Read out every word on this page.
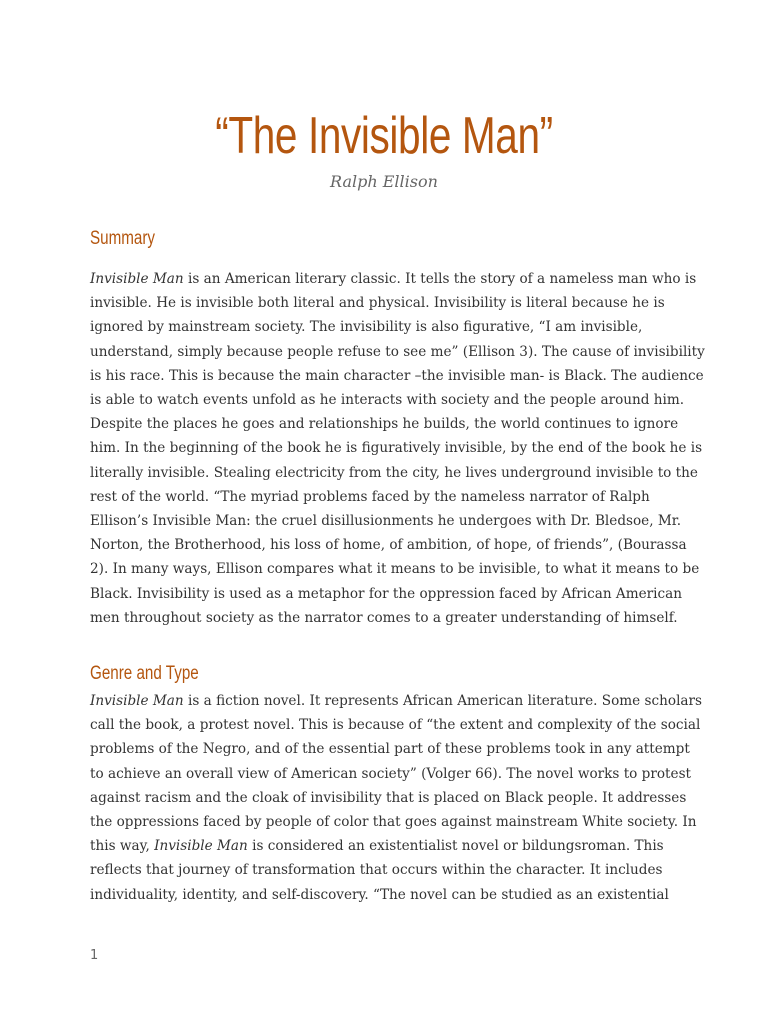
“The Invisible Man”

Ralph Ellison

Summary
Invisible Man is an American literary classic. It tells the story of a nameless man who is
invisible. He is invisible both literal and physical. Invisibility is literal because he is
ignored by mainstream society. The invisibility is also figurative, “I am invisible,
understand, simply because people refuse to see me” (Ellison 3). The cause of invisibility
is his race. This is because the main character –the invisible man- is Black. The audience
is able to watch events unfold as he interacts with society and the people around him.
Despite the places he goes and relationships he builds, the world continues to ignore
him. In the beginning of the book he is figuratively invisible, by the end of the book he is
literally invisible. Stealing electricity from the city, he lives underground invisible to the
rest of the world. “The myriad problems faced by the nameless narrator of Ralph
Ellison’s Invisible Man: the cruel disillusionments he undergoes with Dr. Bledsoe, Mr.
Norton, the Brotherhood, his loss of home, of ambition, of hope, of friends”, (Bourassa
2). In many ways, Ellison compares what it means to be invisible, to what it means to be
Black. Invisibility is used as a metaphor for the oppression faced by African American
men throughout society as the narrator comes to a greater understanding of himself.
Genre and Type
Invisible Man is a fiction novel. It represents African American literature. Some scholars
call the book, a protest novel. This is because of “the extent and complexity of the social
problems of the Negro, and of the essential part of these problems took in any attempt
to achieve an overall view of American society” (Volger 66). The novel works to protest
against racism and the cloak of invisibility that is placed on Black people. It addresses
the oppressions faced by people of color that goes against mainstream White society. In
this way, Invisible Man is considered an existentialist novel or bildungsroman. This
reflects that journey of transformation that occurs within the character. It includes
individuality, identity, and self-discovery. “The novel can be studied as an existential

1
